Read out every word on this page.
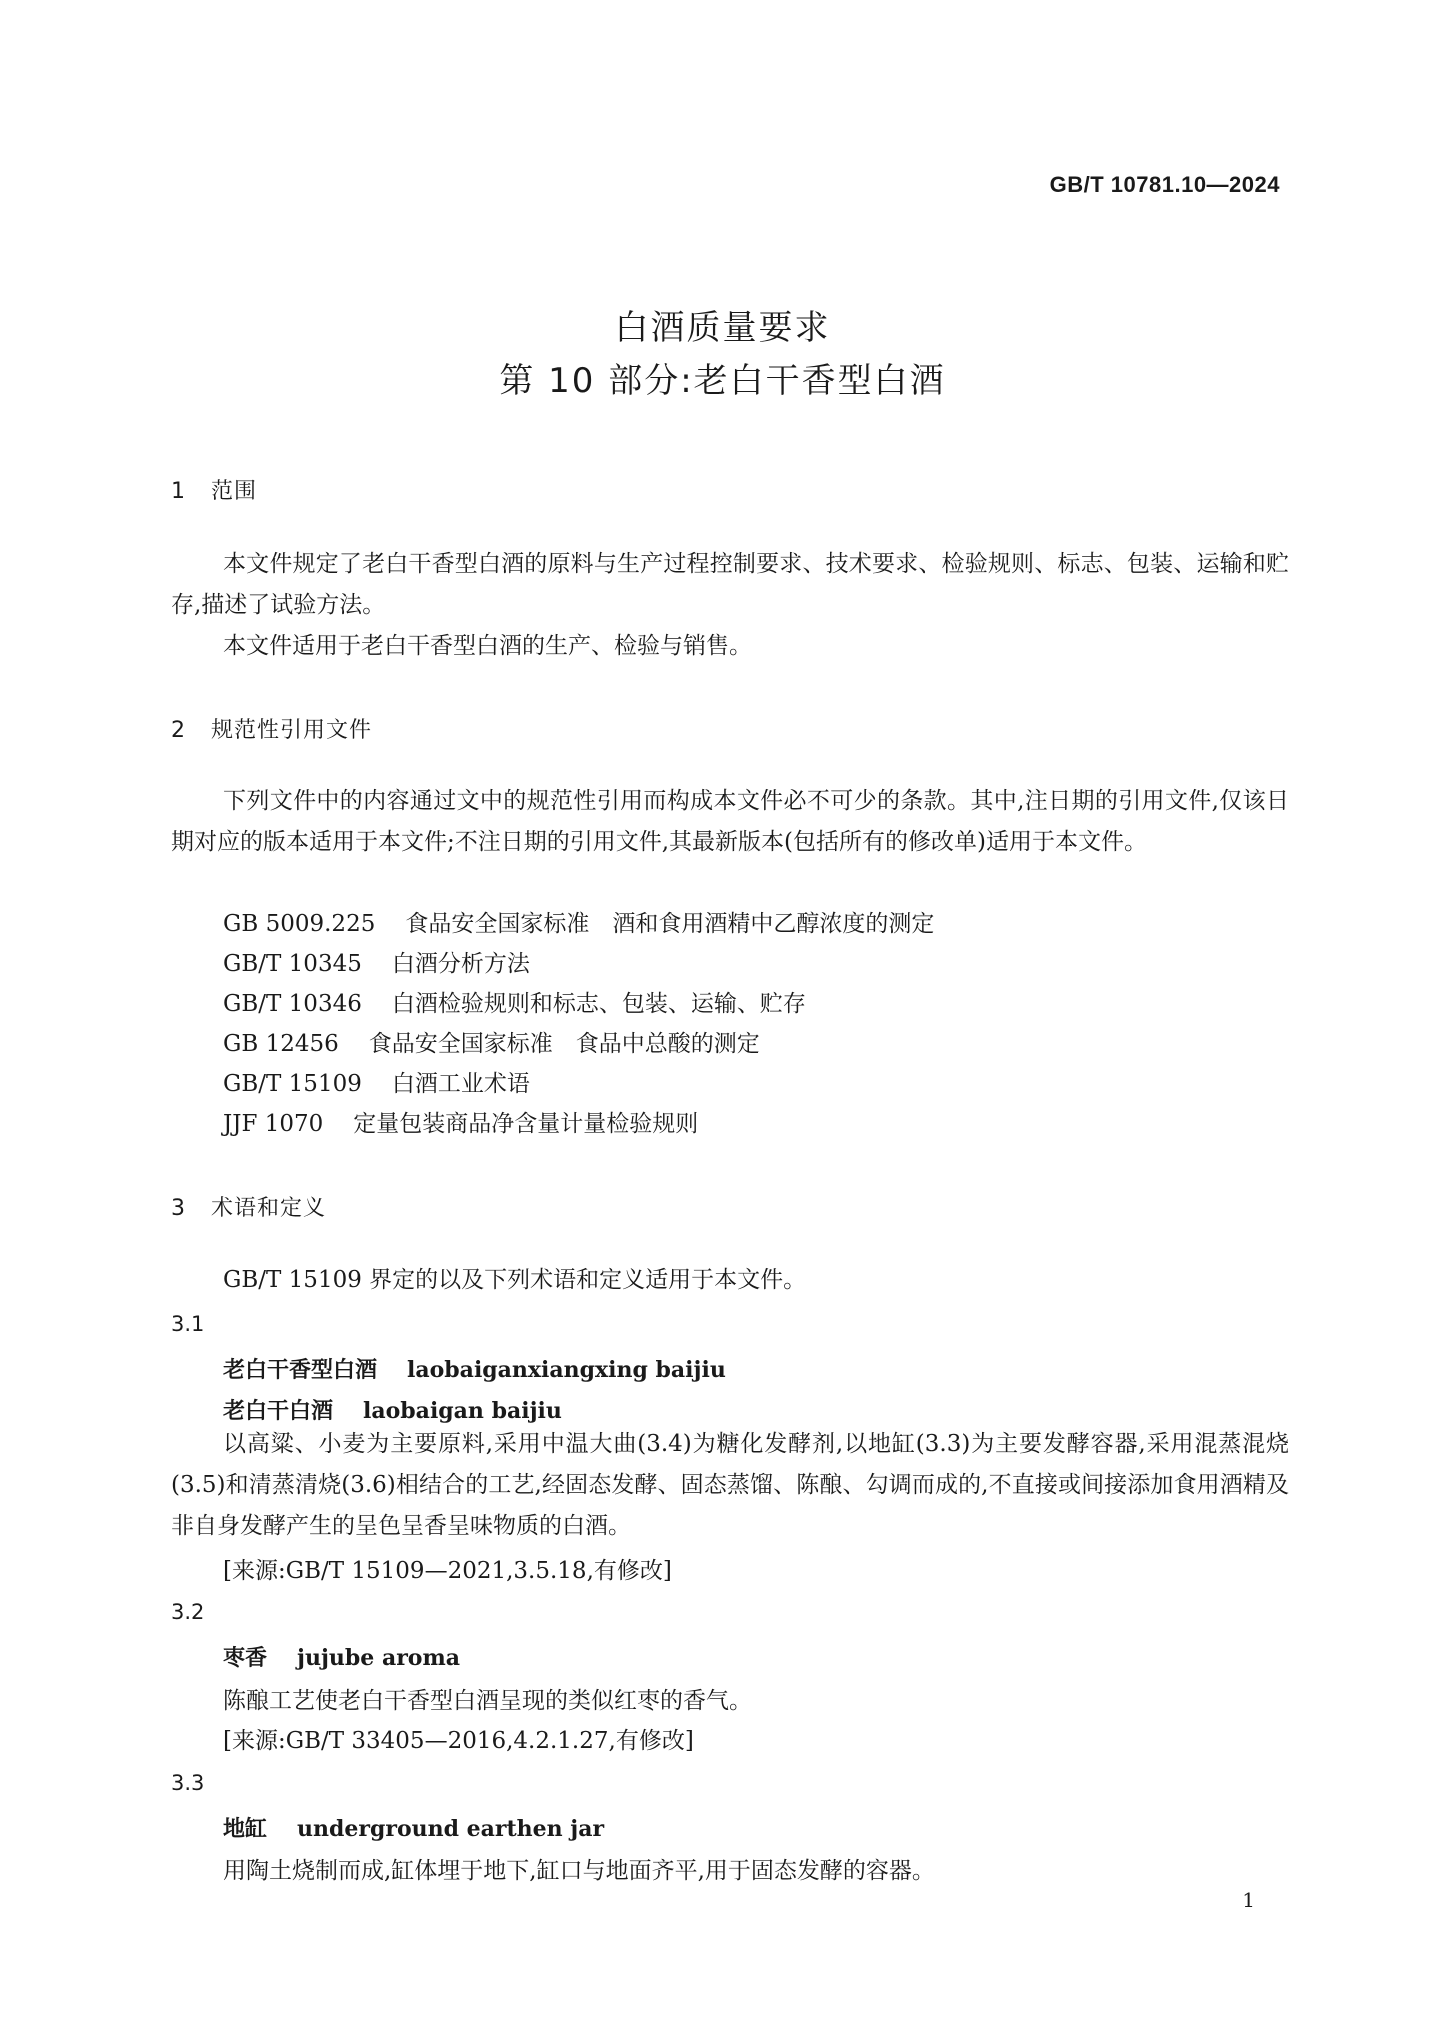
GB/T 10781.10—2024
白酒质量要求
第 10 部分:老白干香型白酒
1 范围
本文件规定了老白干香型白酒的原料与生产过程控制要求、技术要求、检验规则、标志、包装、运输和贮存,描述了试验方法。
本文件适用于老白干香型白酒的生产、检验与销售。
2 规范性引用文件
下列文件中的内容通过文中的规范性引用而构成本文件必不可少的条款。其中,注日期的引用文件,仅该日期对应的版本适用于本文件;不注日期的引用文件,其最新版本(包括所有的修改单)适用于本文件。
GB 5009.225 食品安全国家标准　酒和食用酒精中乙醇浓度的测定
GB/T 10345 白酒分析方法
GB/T 10346 白酒检验规则和标志、包装、运输、贮存
GB 12456 食品安全国家标准　食品中总酸的测定
GB/T 15109 白酒工业术语
JJF 1070 定量包装商品净含量计量检验规则
3 术语和定义
GB/T 15109 界定的以及下列术语和定义适用于本文件。
3.1
老白干香型白酒 laobaiganxiangxing baijiu
老白干白酒 laobaigan baijiu
以高粱、小麦为主要原料,采用中温大曲(3.4)为糖化发酵剂,以地缸(3.3)为主要发酵容器,采用混蒸混烧(3.5)和清蒸清烧(3.6)相结合的工艺,经固态发酵、固态蒸馏、陈酿、勾调而成的,不直接或间接添加食用酒精及非自身发酵产生的呈色呈香呈味物质的白酒。
[来源:GB/T 15109—2021,3.5.18,有修改]
3.2
枣香 jujube aroma
陈酿工艺使老白干香型白酒呈现的类似红枣的香气。
[来源:GB/T 33405—2016,4.2.1.27,有修改]
3.3
地缸 underground earthen jar
用陶土烧制而成,缸体埋于地下,缸口与地面齐平,用于固态发酵的容器。
1
